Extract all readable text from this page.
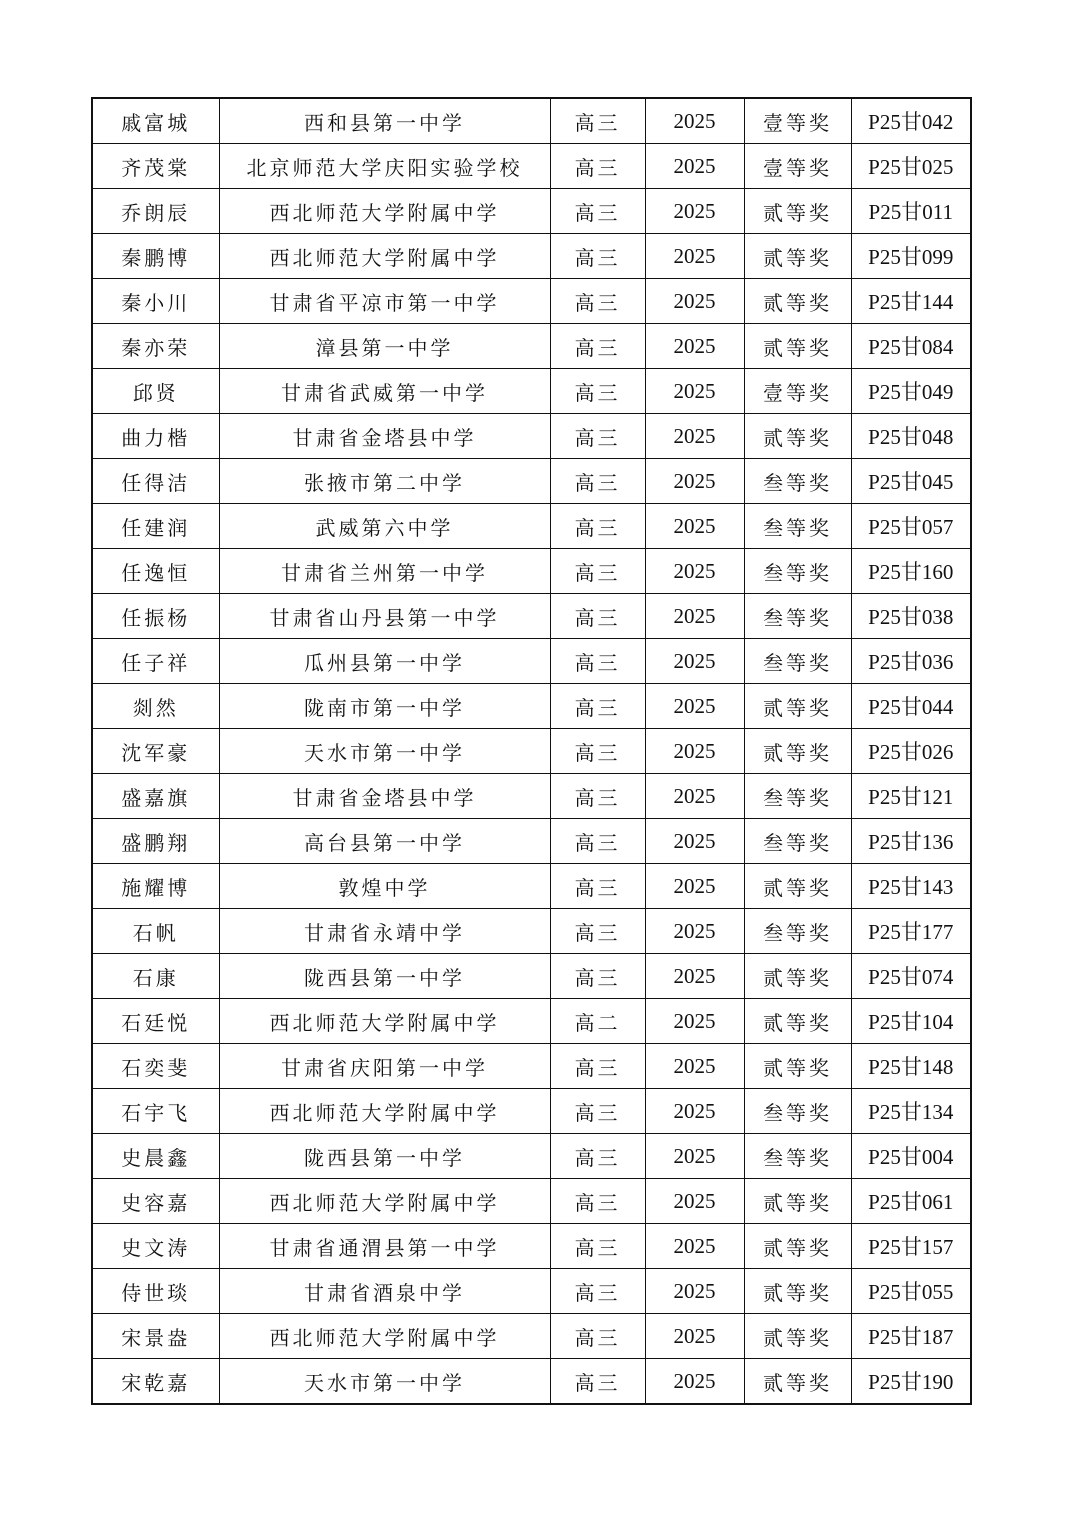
戚富城	西和县第一中学	高三	2025	壹等奖	P25甘042
齐茂棠	北京师范大学庆阳实验学校	高三	2025	壹等奖	P25甘025
乔朗辰	西北师范大学附属中学	高三	2025	贰等奖	P25甘011
秦鹏博	西北师范大学附属中学	高三	2025	贰等奖	P25甘099
秦小川	甘肃省平凉市第一中学	高三	2025	贰等奖	P25甘144
秦亦荣	漳县第一中学	高三	2025	贰等奖	P25甘084
邱贤	甘肃省武威第一中学	高三	2025	壹等奖	P25甘049
曲力楷	甘肃省金塔县中学	高三	2025	贰等奖	P25甘048
任得洁	张掖市第二中学	高三	2025	叁等奖	P25甘045
任建润	武威第六中学	高三	2025	叁等奖	P25甘057
任逸恒	甘肃省兰州第一中学	高三	2025	叁等奖	P25甘160
任振杨	甘肃省山丹县第一中学	高三	2025	叁等奖	P25甘038
任子祥	瓜州县第一中学	高三	2025	叁等奖	P25甘036
剡然	陇南市第一中学	高三	2025	贰等奖	P25甘044
沈军豪	天水市第一中学	高三	2025	贰等奖	P25甘026
盛嘉旗	甘肃省金塔县中学	高三	2025	叁等奖	P25甘121
盛鹏翔	高台县第一中学	高三	2025	叁等奖	P25甘136
施耀博	敦煌中学	高三	2025	贰等奖	P25甘143
石帆	甘肃省永靖中学	高三	2025	叁等奖	P25甘177
石康	陇西县第一中学	高三	2025	贰等奖	P25甘074
石廷悦	西北师范大学附属中学	高二	2025	贰等奖	P25甘104
石奕斐	甘肃省庆阳第一中学	高三	2025	贰等奖	P25甘148
石宇飞	西北师范大学附属中学	高三	2025	叁等奖	P25甘134
史晨鑫	陇西县第一中学	高三	2025	叁等奖	P25甘004
史容嘉	西北师范大学附属中学	高三	2025	贰等奖	P25甘061
史文涛	甘肃省通渭县第一中学	高三	2025	贰等奖	P25甘157
侍世琰	甘肃省酒泉中学	高三	2025	贰等奖	P25甘055
宋景盎	西北师范大学附属中学	高三	2025	贰等奖	P25甘187
宋乾嘉	天水市第一中学	高三	2025	贰等奖	P25甘190
